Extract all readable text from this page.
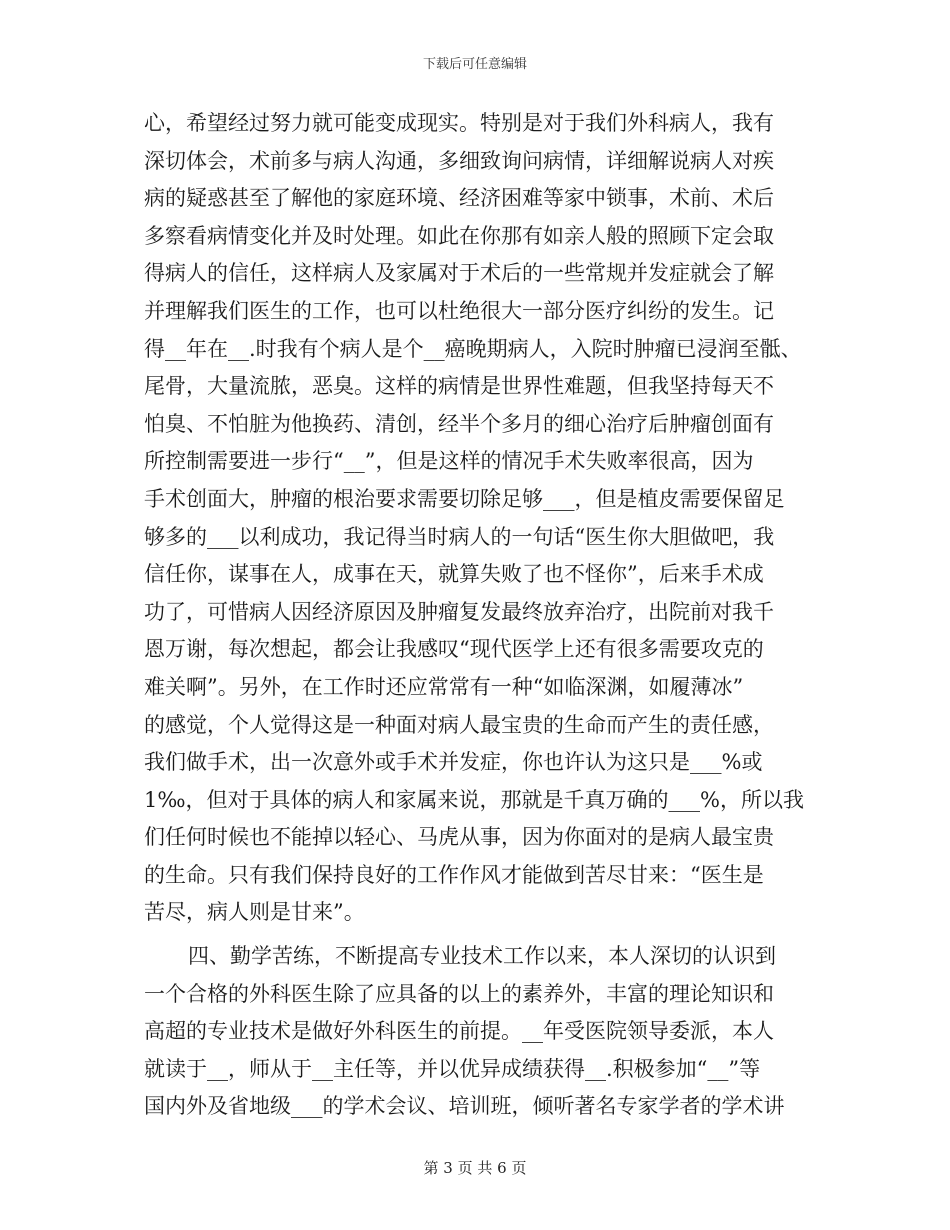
下载后可任意编辑
心，希望经过努力就可能变成现实。特别是对于我们外科病人，我有
深切体会，术前多与病人沟通，多细致询问病情，详细解说病人对疾
病的疑惑甚至了解他的家庭环境、经济困难等家中锁事，术前、术后
多察看病情变化并及时处理。如此在你那有如亲人般的照顾下定会取
得病人的信任，这样病人及家属对于术后的一些常规并发症就会了解
并理解我们医生的工作，也可以杜绝很大一部分医疗纠纷的发生。记
得__年在__.时我有个病人是个__癌晚期病人，入院时肿瘤已浸润至骶、
尾骨，大量流脓，恶臭。这样的病情是世界性难题，但我坚持每天不
怕臭、不怕脏为他换药、清创，经半个多月的细心治疗后肿瘤创面有
所控制需要进一步行“__”，但是这样的情况手术失败率很高，因为
手术创面大，肿瘤的根治要求需要切除足够___，但是植皮需要保留足
够多的___以利成功，我记得当时病人的一句话“医生你大胆做吧，我
信任你，谋事在人，成事在天，就算失败了也不怪你”，后来手术成
功了，可惜病人因经济原因及肿瘤复发最终放弃治疗，出院前对我千
恩万谢，每次想起，都会让我感叹“现代医学上还有很多需要攻克的
难关啊”。另外，在工作时还应常常有一种“如临深渊，如履薄冰”
的感觉，个人觉得这是一种面对病人最宝贵的生命而产生的责任感，
我们做手术，出一次意外或手术并发症，你也许认为这只是___%或
1‰，但对于具体的病人和家属来说，那就是千真万确的___%，所以我
们任何时候也不能掉以轻心、马虎从事，因为你面对的是病人最宝贵
的生命。只有我们保持良好的工作作风才能做到苦尽甘来：“医生是
苦尽，病人则是甘来”。
四、勤学苦练，不断提高专业技术工作以来，本人深切的认识到
一个合格的外科医生除了应具备的以上的素养外，丰富的理论知识和
高超的专业技术是做好外科医生的前提。__年受医院领导委派，本人
就读于__，师从于__主任等，并以优异成绩获得__.积极参加“__”等
国内外及省地级___的学术会议、培训班，倾听著名专家学者的学术讲
第 3 页 共 6 页
